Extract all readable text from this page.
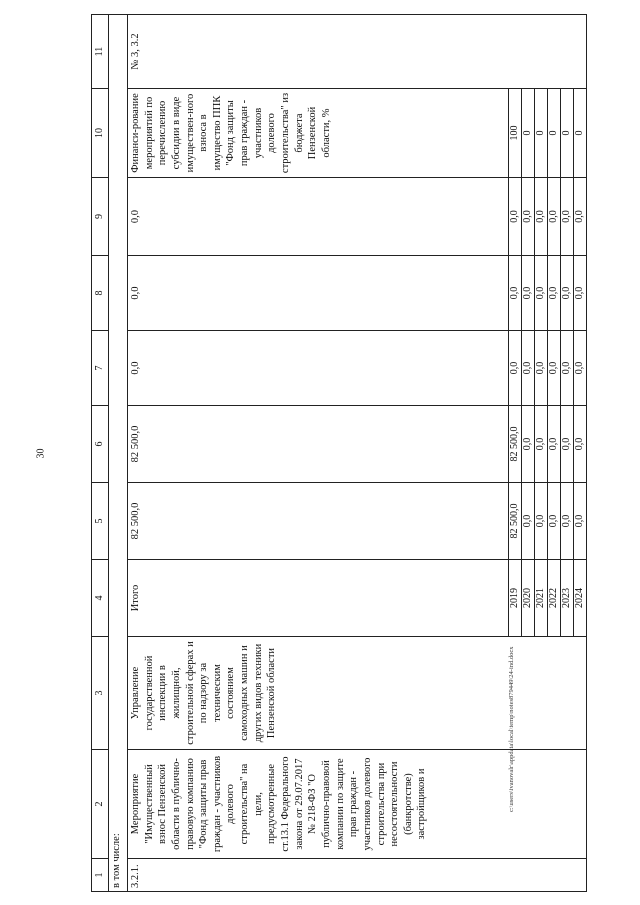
30
c:\users\ivanovalr\appdata\local\temp\notes879449\24-ind.docx
1	2	3	4	5	6	7	8	9	10	11
в том числе:										
3.2.1.	Мероприятие "Имущественный взнос Пензенской области в публично-правовую компанию "Фонд защиты прав граждан - участников долевого строительства" на цели, предусмотренные ст.13.1 Федерального закона от 29.07.2017 № 218-ФЗ "О публично-правовой компании по защите прав граждан - участников долевого строительства при несостоятельности (банкротстве) застройщиков и	Управление государственной инспекции в жилищной, строительной сферах и по надзору за техническим состоянием самоходных машин и других видов техники Пензенской области	Итого	82 500,0	82 500,0	0,0	0,0	0,0	Финанси-рование мероприятий по перечислению субсидии в виде имуществен-ного взноса в имущество ППК "Фонд защиты прав граждан - участников долевого строительства" из бюджета Пензенской области, %	№ 3, 3.2
			2019	82 500,0	82 500,0	0,0	0,0	0,0	100	
			2020	0,0	0,0	0,0	0,0	0,0	0	
			2021	0,0	0,0	0,0	0,0	0,0	0	
			2022	0,0	0,0	0,0	0,0	0,0	0	
			2023	0,0	0,0	0,0	0,0	0,0	0	
			2024	0,0	0,0	0,0	0,0	0,0	0	
